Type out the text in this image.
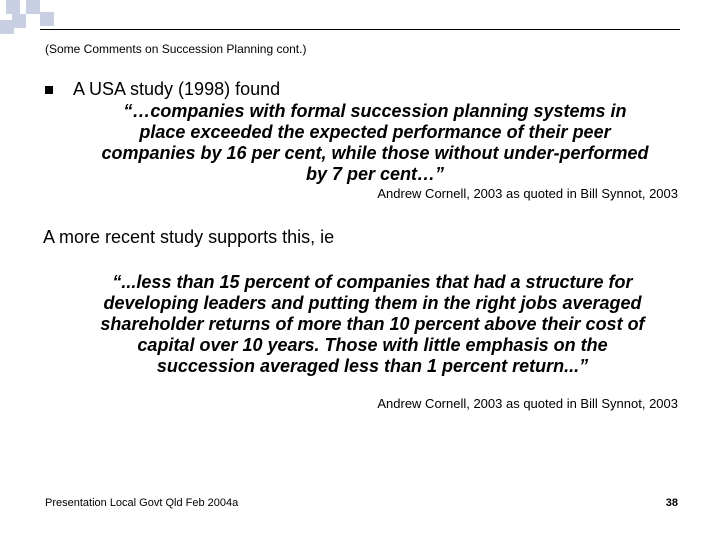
(Some Comments on Succession Planning cont.)
A USA study (1998) found
“…companies with formal succession planning systems in
place exceeded the expected performance of their peer
companies by 16 per cent, while those without under-performed
by 7 per cent…”
Andrew Cornell, 2003 as quoted in Bill Synnot, 2003
A more recent study supports this, ie
“...less than 15 percent of companies that had a structure for
developing leaders and putting them in the right jobs averaged
shareholder returns of more than 10 percent above their cost of
capital over 10 years. Those with little emphasis on the
succession averaged less than 1 percent return...”
Andrew Cornell, 2003 as quoted in Bill Synnot, 2003
Presentation Local Govt Qld Feb 2004a	38
